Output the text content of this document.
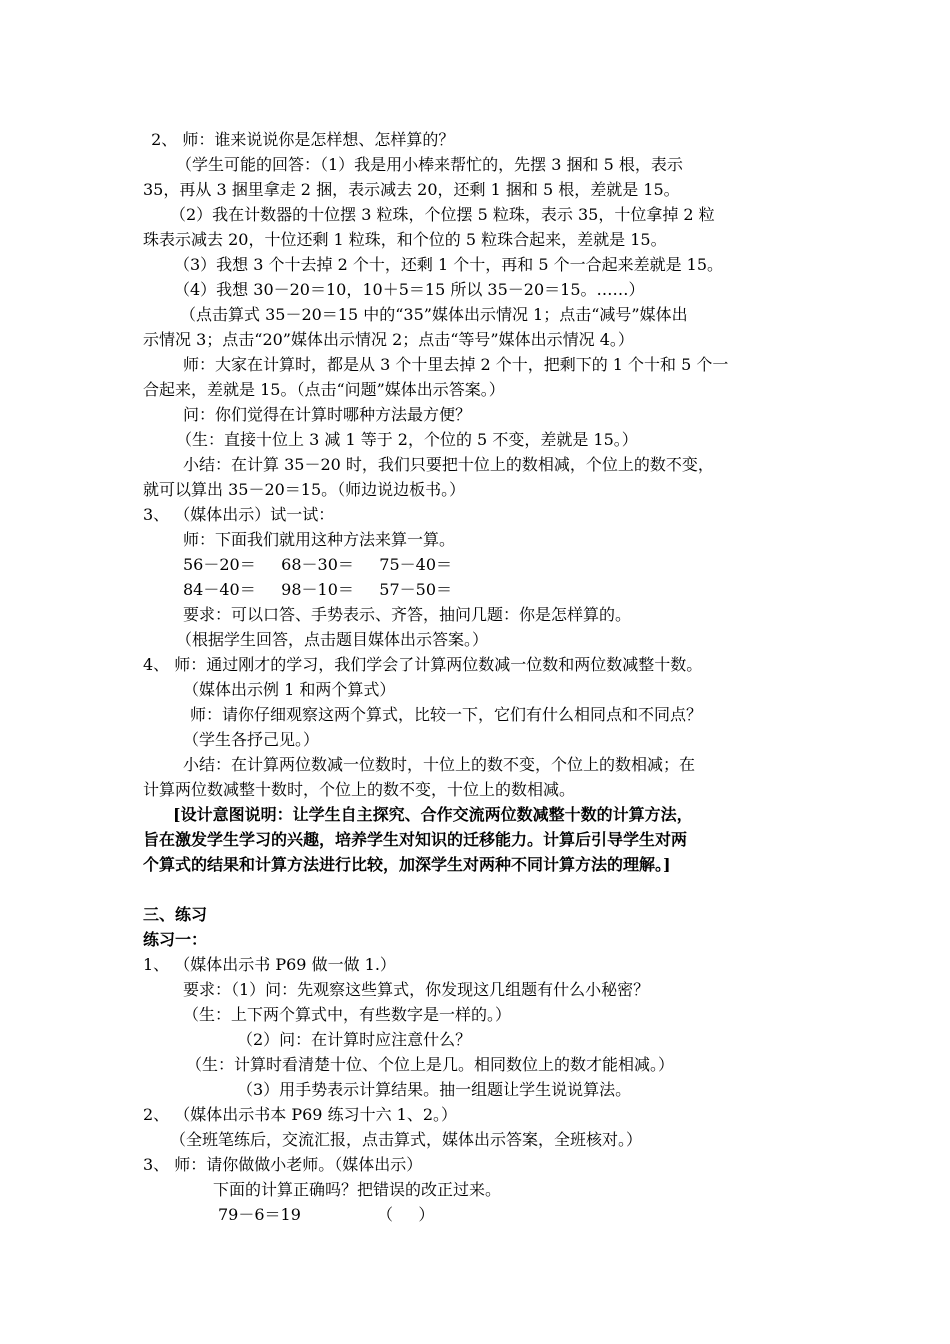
2、 师：谁来说说你是怎样想、怎样算的？
（学生可能的回答：（1）我是用小棒来帮忙的，先摆 3 捆和 5 根，表示
35，再从 3 捆里拿走 2 捆，表示减去 20，还剩 1 捆和 5 根，差就是 15。
（2）我在计数器的十位摆 3 粒珠，个位摆 5 粒珠，表示 35，十位拿掉 2 粒
珠表示减去 20，十位还剩 1 粒珠，和个位的 5 粒珠合起来，差就是 15。
（3）我想 3 个十去掉 2 个十，还剩 1 个十，再和 5 个一合起来差就是 15。
（4）我想 30－20＝10，10＋5＝15 所以 35－20＝15。……）
（点击算式 35－20＝15 中的“35”媒体出示情况 1；点击“减号”媒体出
示情况 3；点击“20”媒体出示情况 2；点击“等号”媒体出示情况 4。）
师：大家在计算时，都是从 3 个十里去掉 2 个十，把剩下的 1 个十和 5 个一
合起来，差就是 15。（点击“问题”媒体出示答案。）
问：你们觉得在计算时哪种方法最方便？
（生：直接十位上 3 减 1 等于 2，个位的 5 不变，差就是 15。）
小结：在计算 35－20 时，我们只要把十位上的数相减，个位上的数不变，
就可以算出 35－20＝15。（师边说边板书。）
3、 （媒体出示）试一试：
师：下面我们就用这种方法来算一算。
56－20＝     68－30＝     75－40＝
84－40＝     98－10＝     57－50＝
要求：可以口答、手势表示、齐答，抽问几题：你是怎样算的。
（根据学生回答，点击题目媒体出示答案。）
4、 师：通过刚才的学习，我们学会了计算两位数减一位数和两位数减整十数。
（媒体出示例 1 和两个算式）
师：请你仔细观察这两个算式，比较一下，它们有什么相同点和不同点？
（学生各抒己见。）
小结：在计算两位数减一位数时，十位上的数不变，个位上的数相减；在
计算两位数减整十数时，个位上的数不变，十位上的数相减。
[设计意图说明：让学生自主探究、合作交流两位数减整十数的计算方法，
旨在激发学生学习的兴趣，培养学生对知识的迁移能力。计算后引导学生对两
个算式的结果和计算方法进行比较，加深学生对两种不同计算方法的理解。]
三、练习
练习一：
1、 （媒体出示书 P69 做一做 1.）
要求：（1）问：先观察这些算式，你发现这几组题有什么小秘密？
（生：上下两个算式中，有些数字是一样的。）
（2）问：在计算时应注意什么？
（生：计算时看清楚十位、个位上是几。相同数位上的数才能相减。）
（3）用手势表示计算结果。抽一组题让学生说说算法。
2、 （媒体出示书本 P69 练习十六 1、2。）
（全班笔练后，交流汇报，点击算式，媒体出示答案，全班核对。）
3、 师：请你做做小老师。（媒体出示）
下面的计算正确吗？把错误的改正过来。
79－6＝19	（     ）
